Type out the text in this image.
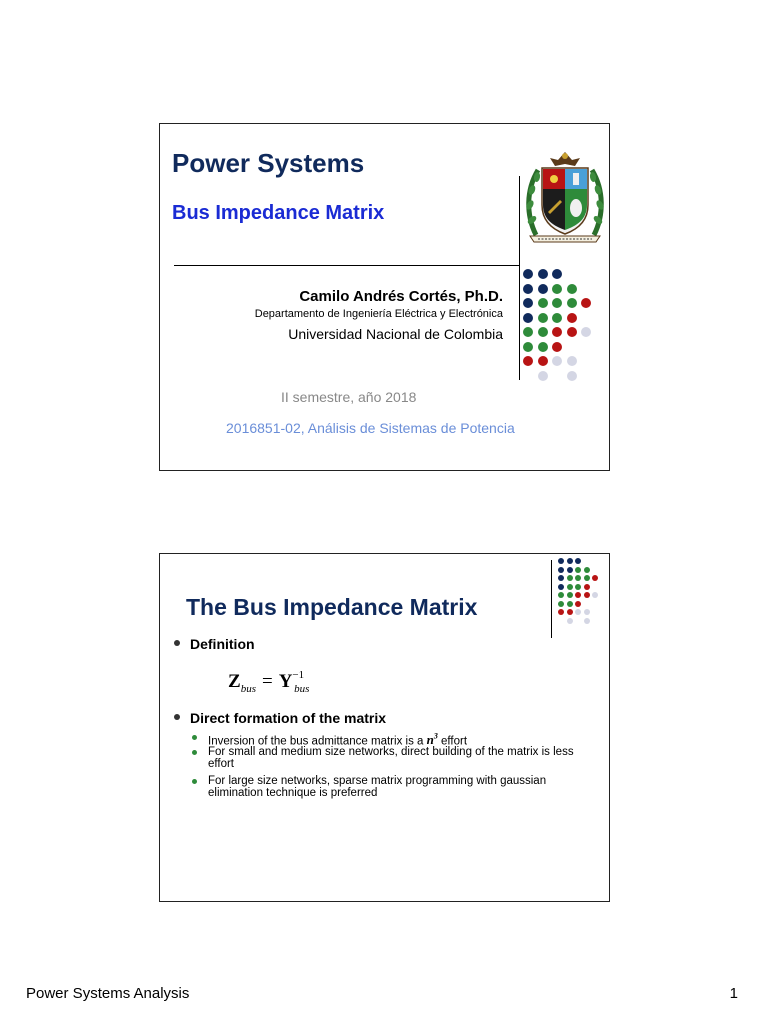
Power Systems
Bus Impedance Matrix
Camilo Andrés Cortés, Ph.D.
Departamento de Ingeniería Eléctrica y Electrónica
Universidad Nacional de Colombia
II semestre, año 2018
2016851-02, Análisis de Sistemas de Potencia
The Bus Impedance Matrix
Definition
$Z_{bus} = Y^{-1}_{bus}$
Direct formation of the matrix
Inversion of the bus admittance matrix is a $n^3$ effort
For small and medium size networks, direct building of the matrix is less effort
For large size networks, sparse matrix programming with gaussian elimination technique is preferred
Power Systems Analysis	1
